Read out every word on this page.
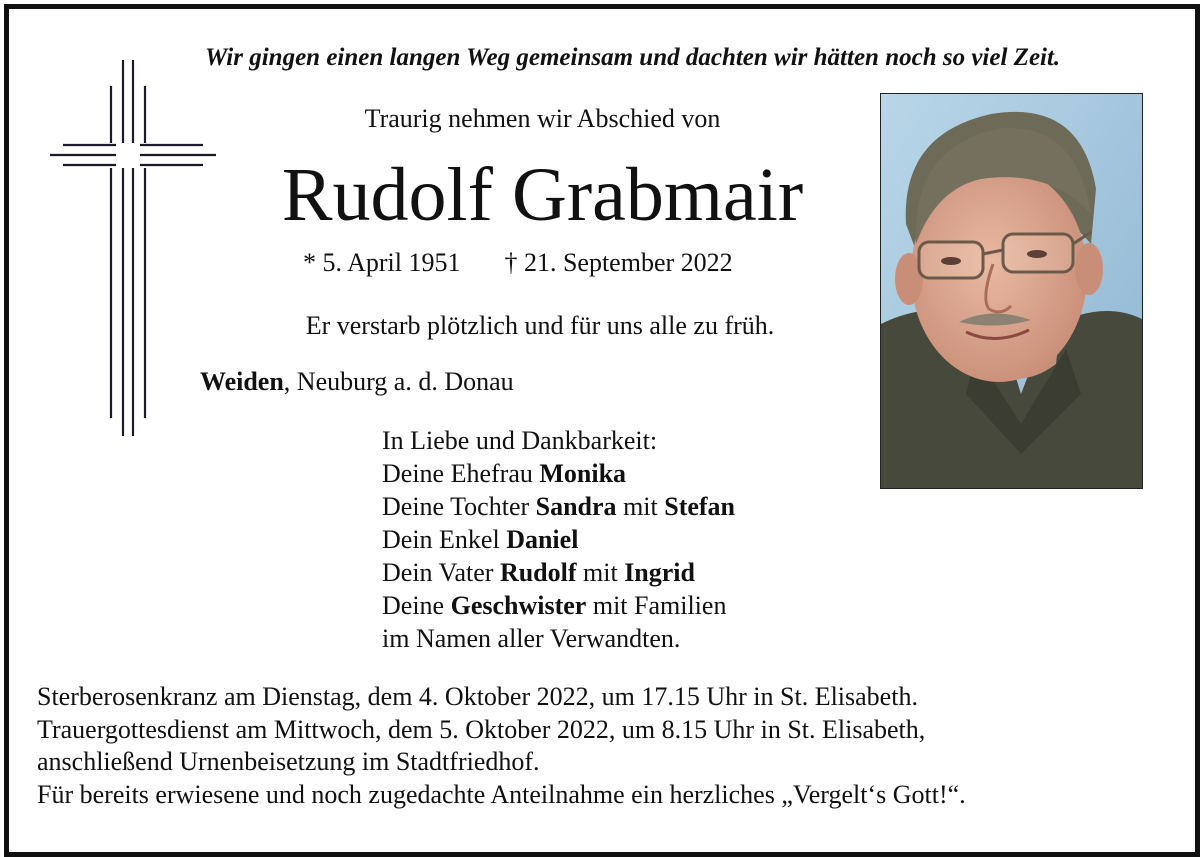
Wir gingen einen langen Weg gemeinsam und dachten wir hätten noch so viel Zeit.
Traurig nehmen wir Abschied von
Rudolf Grabmair
* 5. April 1951 † 21. September 2022
Er verstarb plötzlich und für uns alle zu früh.
Weiden, Neuburg a. d. Donau
In Liebe und Dankbarkeit:
Deine Ehefrau Monika
Deine Tochter Sandra mit Stefan
Dein Enkel Daniel
Dein Vater Rudolf mit Ingrid
Deine Geschwister mit Familien
im Namen aller Verwandten.
Sterberosenkranz am Dienstag, dem 4. Oktober 2022, um 17.15 Uhr in St. Elisabeth.
Trauergottesdienst am Mittwoch, dem 5. Oktober 2022, um 8.15 Uhr in St. Elisabeth,
anschließend Urnenbeisetzung im Stadtfriedhof.
Für bereits erwiesene und noch zugedachte Anteilnahme ein herzliches „Vergelt‘s Gott!“.
